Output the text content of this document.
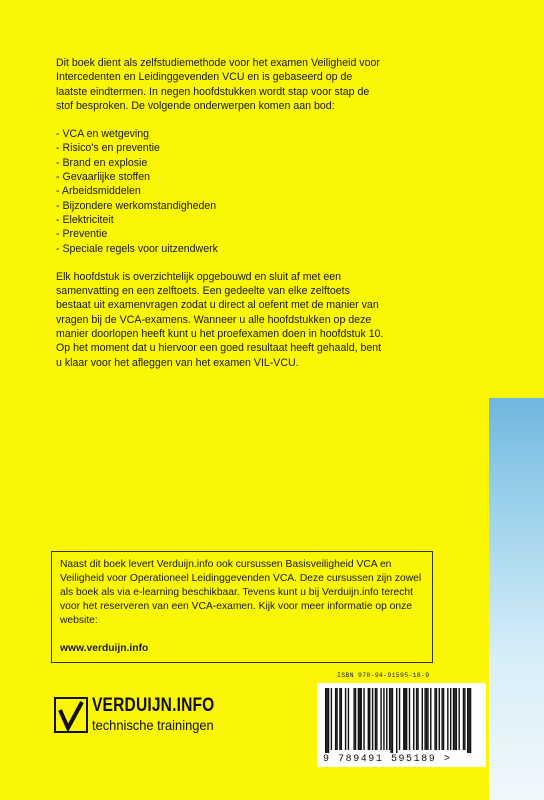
Dit boek dient als zelfstudiemethode voor het examen Veiligheid voor Intercedenten en Leidinggevenden VCU en is gebaseerd op de laatste eindtermen. In negen hoofdstukken wordt stap voor stap de stof besproken. De volgende onderwerpen komen aan bod:

- VCA en wetgeving
- Risico's en preventie
- Brand en explosie
- Gevaarlijke stoffen
- Arbeidsmiddelen
- Bijzondere werkomstandigheden
- Elektriciteit
- Preventie
- Speciale regels voor uitzendwerk

Elk hoofdstuk is overzichtelijk opgebouwd en sluit af met een samenvatting en een zelftoets. Een gedeelte van elke zelftoets bestaat uit examenvragen zodat u direct al oefent met de manier van vragen bij de VCA-examens. Wanneer u alle hoofdstukken op deze manier doorlopen heeft kunt u het proefexamen doen in hoofdstuk 10. Op het moment dat u hiervoor een goed resultaat heeft gehaald, bent u klaar voor het afleggen van het examen VIL-VCU.

Naast dit boek levert Verduijn.info ook cursussen Basisveiligheid VCA en Veiligheid voor Operationeel Leidinggevenden VCA. Deze cursussen zijn zowel als boek als via e-learning beschikbaar. Tevens kunt u bij Verduijn.info terecht voor het reserveren van een VCA-examen. Kijk voor meer informatie op onze website:

www.verduijn.info

VERDUIJN.INFO
technische trainingen
ISBN 978-94-91595-18-9
9 789491 595189 >
